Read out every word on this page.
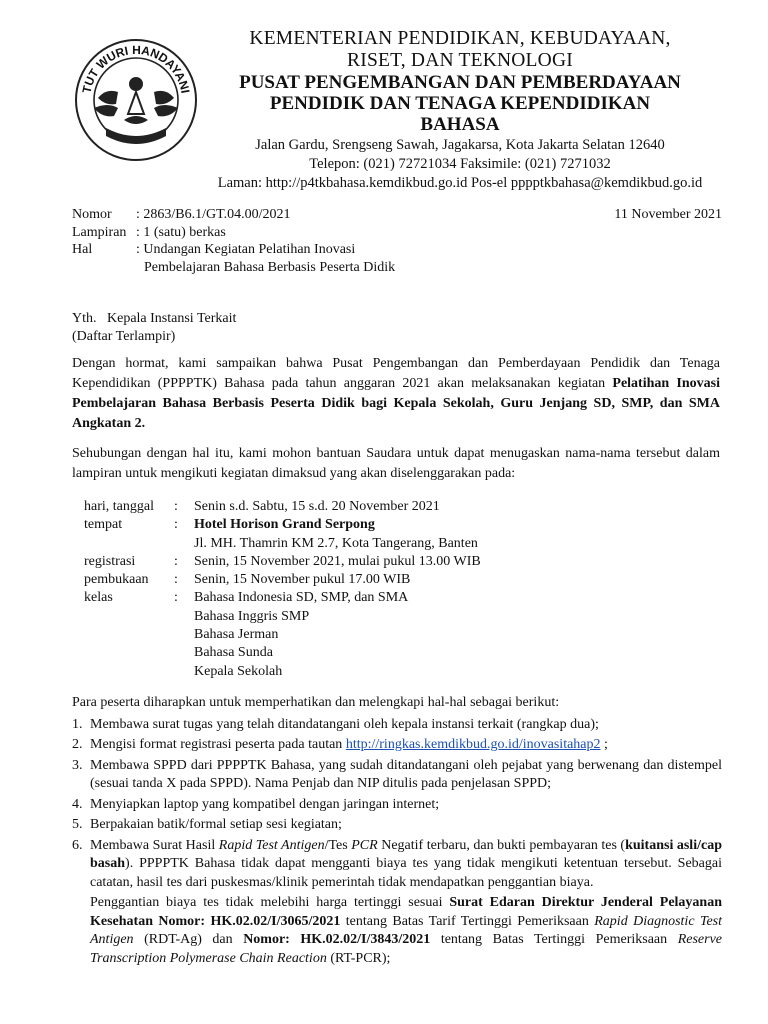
TUT WURI HANDAYANI
KEMENTERIAN PENDIDIKAN, KEBUDAYAAN,
RISET, DAN TEKNOLOGI
PUSAT PENGEMBANGAN DAN PEMBERDAYAAN
PENDIDIK DAN TENAGA KEPENDIDIKAN
BAHASA
Jalan Gardu, Srengseng Sawah, Jagakarsa, Kota Jakarta Selatan 12640
Telepon: (021) 72721034 Faksimile: (021) 7271032
Laman: http://p4tkbahasa.kemdikbud.go.id Pos-el pppptkbahasa@kemdikbud.go.id
11 November 2021
Nomor	: 2863/B6.1/GT.04.00/2021
Lampiran : 1 (satu) berkas
Hal	: Undangan Kegiatan Pelatihan Inovasi
Pembelajaran Bahasa Berbasis Peserta Didik
Yth.   Kepala Instansi Terkait
(Daftar Terlampir)
Dengan hormat, kami sampaikan bahwa Pusat Pengembangan dan Pemberdayaan Pendidik dan Tenaga Kependidikan (PPPPTK) Bahasa pada tahun anggaran 2021 akan melaksanakan kegiatan Pelatihan Inovasi Pembelajaran Bahasa Berbasis Peserta Didik bagi Kepala Sekolah, Guru Jenjang SD, SMP, dan SMA Angkatan 2.
Sehubungan dengan hal itu, kami mohon bantuan Saudara untuk dapat menugaskan nama-nama tersebut dalam lampiran untuk mengikuti kegiatan dimaksud yang akan diselenggarakan pada:
hari, tanggal	:	Senin s.d. Sabtu, 15 s.d. 20 November 2021
tempat	:	Hotel Horison Grand Serpong
Jl. MH. Thamrin KM 2.7, Kota Tangerang, Banten
registrasi	:	Senin, 15 November 2021, mulai pukul 13.00 WIB
pembukaan	:	Senin, 15 November pukul 17.00 WIB
kelas	:	Bahasa Indonesia SD, SMP, dan SMA
Bahasa Inggris SMP
Bahasa Jerman
Bahasa Sunda
Kepala Sekolah
Para peserta diharapkan untuk memperhatikan dan melengkapi hal-hal sebagai berikut:
1. Membawa surat tugas yang telah ditandatangani oleh kepala instansi terkait (rangkap dua);
2. Mengisi format registrasi peserta pada tautan http://ringkas.kemdikbud.go.id/inovasitahap2 ;
3. Membawa SPPD dari PPPPTK Bahasa, yang sudah ditandatangani oleh pejabat yang berwenang dan distempel (sesuai tanda X pada SPPD). Nama Penjab dan NIP ditulis pada penjelasan SPPD;
4. Menyiapkan laptop yang kompatibel dengan jaringan internet;
5. Berpakaian batik/formal setiap sesi kegiatan;
6. Membawa Surat Hasil Rapid Test Antigen/Tes PCR Negatif terbaru, dan bukti pembayaran tes (kuitansi asli/cap basah). PPPPTK Bahasa tidak dapat mengganti biaya tes yang tidak mengikuti ketentuan tersebut. Sebagai catatan, hasil tes dari puskesmas/klinik pemerintah tidak mendapatkan penggantian biaya.
Penggantian biaya tes tidak melebihi harga tertinggi sesuai Surat Edaran Direktur Jenderal Pelayanan Kesehatan Nomor: HK.02.02/I/3065/2021 tentang Batas Tarif Tertinggi Pemeriksaan Rapid Diagnostic Test Antigen (RDT-Ag) dan Nomor: HK.02.02/I/3843/2021 tentang Batas Tertinggi Pemeriksaan Reserve Transcription Polymerase Chain Reaction (RT-PCR);
